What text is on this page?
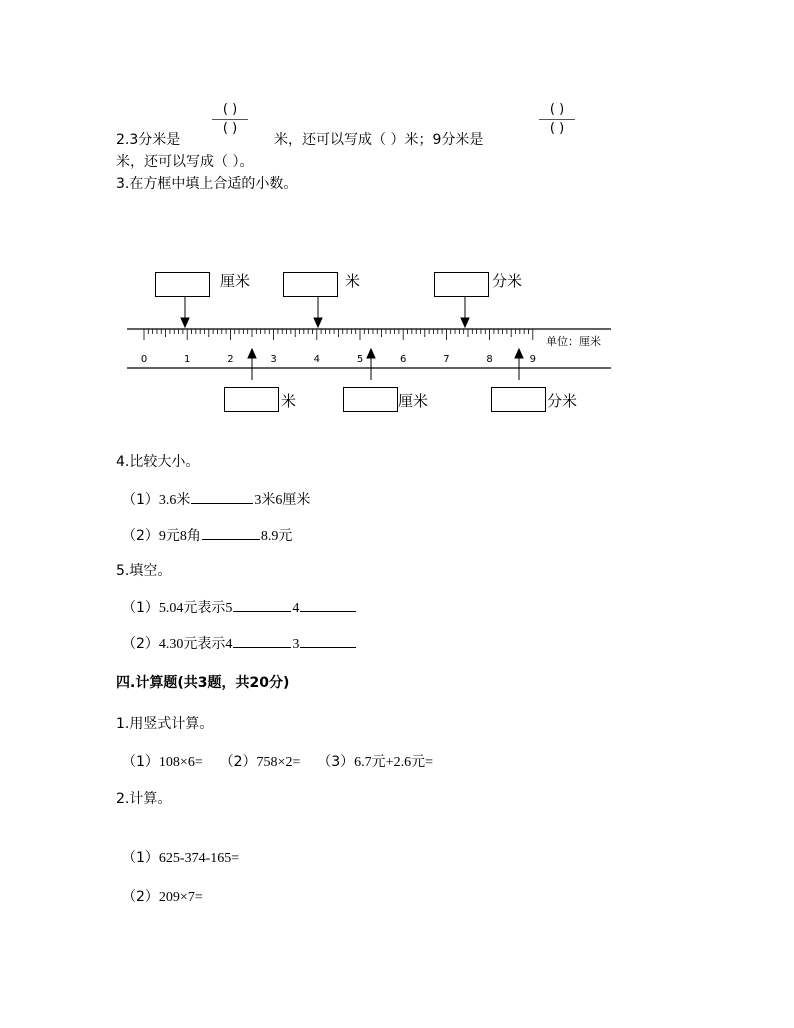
( )
( )
( )
( )
2.3分米是	米，还可以写成（ ）米；9分米是
米，还可以写成（ ）。
3.在方框中填上合适的小数。
0	1	2	3	4	5	6	7	8	9
单位：厘米
厘米	米	分米
米	厘米	分米
4.比较大小。
（1）3.6米	3米6厘米
（2）9元8角	8.9元
5.填空。
（1）5.04元表示5	4
（2）4.30元表示4	3
四.计算题(共3题，共20分)
1.用竖式计算。
（1）108×6= （2）758×2= （3）6.7元+2.6元=
2.计算。
（1）625-374-165=
（2）209×7=
